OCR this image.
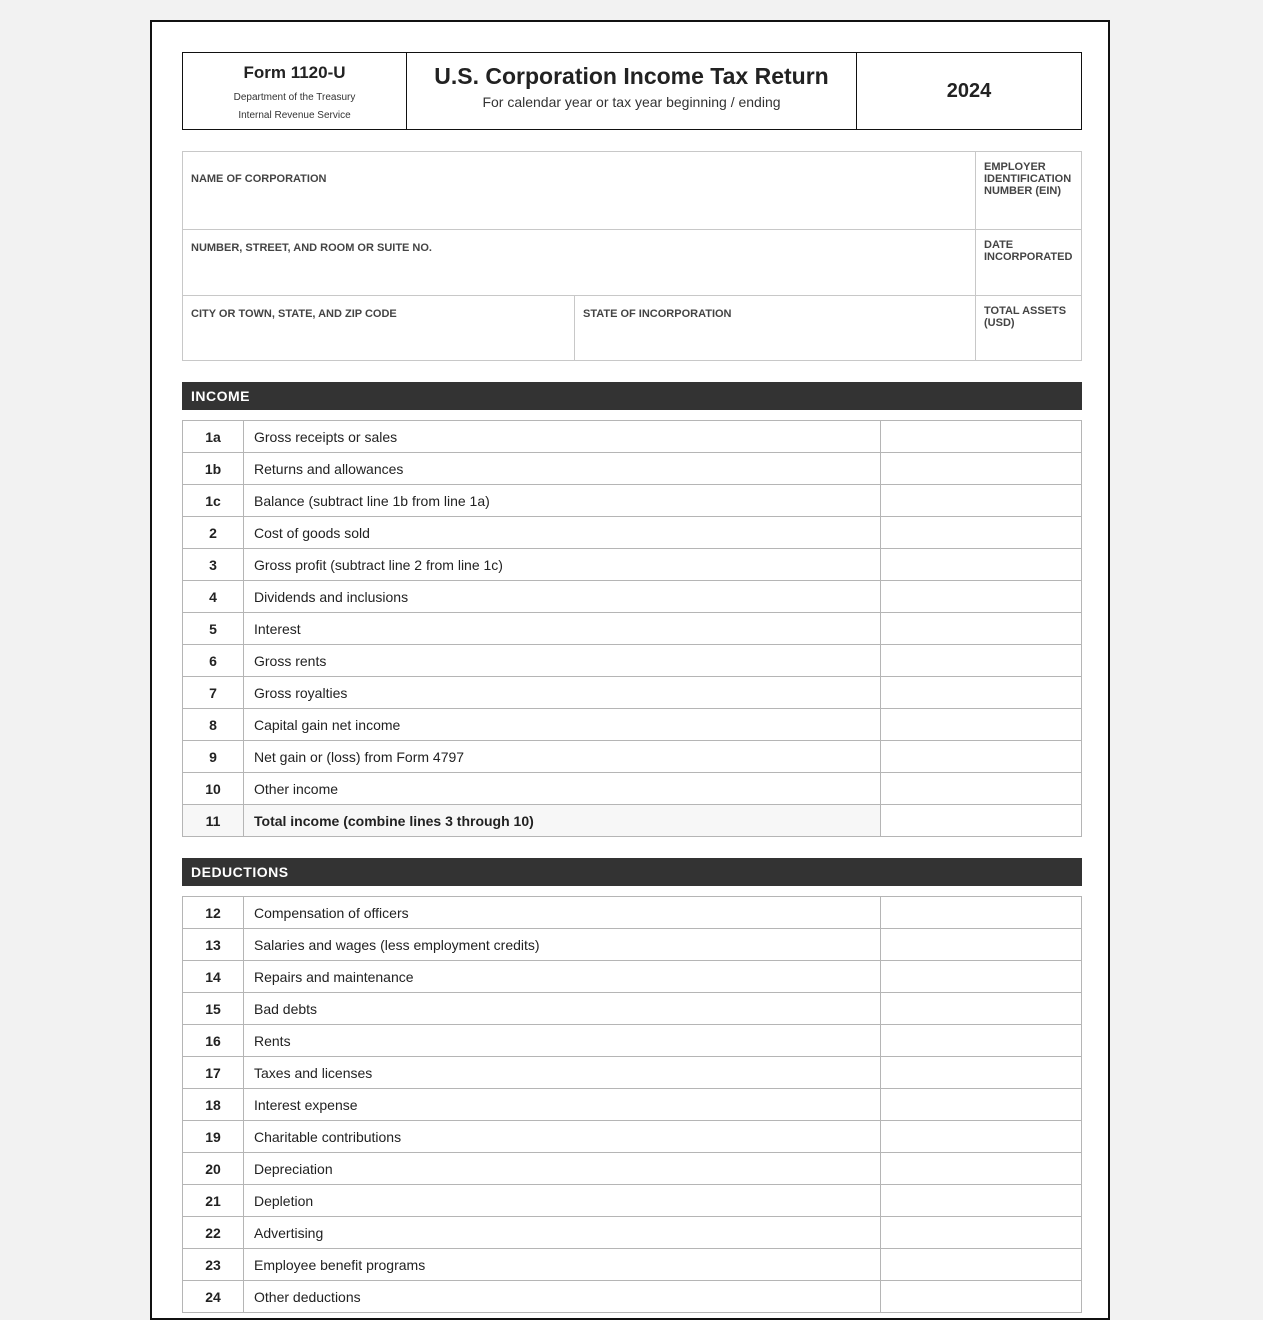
Form 1120-U
Department of the Treasury
Internal Revenue Service
U.S. Corporation Income Tax Return
For calendar year or tax year beginning / ending
2024
NAME OF CORPORATION
EMPLOYER IDENTIFICATION NUMBER (EIN)
NUMBER, STREET, AND ROOM OR SUITE NO.	DATE INCORPORATED
CITY OR TOWN, STATE, AND ZIP CODE	STATE OF INCORPORATION	TOTAL ASSETS (USD)
INCOME
1a	Gross receipts or sales	
1b	Returns and allowances	
1c	Balance (subtract line 1b from line 1a)	
2	Cost of goods sold	
3	Gross profit (subtract line 2 from line 1c)	
4	Dividends and inclusions	
5	Interest	
6	Gross rents	
7	Gross royalties	
8	Capital gain net income	
9	Net gain or (loss) from Form 4797	
10	Other income	
11	Total income (combine lines 3 through 10)	
DEDUCTIONS
12	Compensation of officers	
13	Salaries and wages (less employment credits)	
14	Repairs and maintenance	
15	Bad debts	
16	Rents	
17	Taxes and licenses	
18	Interest expense	
19	Charitable contributions	
20	Depreciation	
21	Depletion	
22	Advertising	
23	Employee benefit programs	
24	Other deductions	
